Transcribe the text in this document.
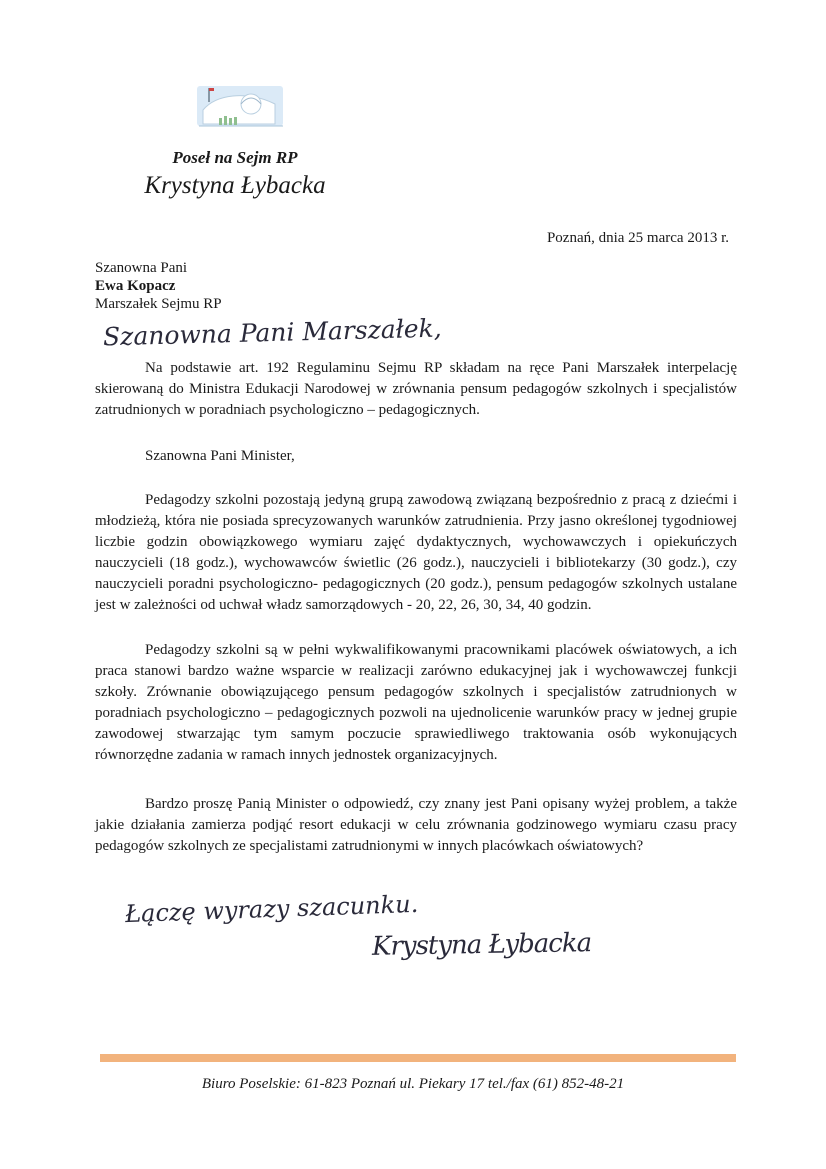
Poseł na Sejm RP
Krystyna Łybacka
Poznań, dnia 25 marca 2013 r.
Szanowna Pani
Ewa Kopacz
Marszałek Sejmu RP
Szanowna Pani Marszałek,
Na podstawie art. 192 Regulaminu Sejmu RP składam na ręce Pani Marszałek interpelację skierowaną do Ministra Edukacji Narodowej w zrównania pensum pedagogów szkolnych i specjalistów zatrudnionych w poradniach psychologiczno – pedagogicznych.
Szanowna Pani Minister,
Pedagodzy szkolni pozostają jedyną grupą zawodową związaną bezpośrednio z pracą z dziećmi i młodzieżą, która nie posiada sprecyzowanych warunków zatrudnienia. Przy jasno określonej tygodniowej liczbie godzin obowiązkowego wymiaru zajęć dydaktycznych, wychowawczych i opiekuńczych nauczycieli (18 godz.), wychowawców świetlic (26 godz.), nauczycieli i bibliotekarzy (30 godz.), czy nauczycieli poradni psychologiczno- pedagogicznych (20 godz.), pensum pedagogów szkolnych ustalane jest w zależności od uchwał władz samorządowych - 20, 22, 26, 30, 34, 40 godzin.
Pedagodzy szkolni są w pełni wykwalifikowanymi pracownikami placówek oświatowych, a ich praca stanowi bardzo ważne wsparcie w realizacji zarówno edukacyjnej jak i wychowawczej funkcji szkoły. Zrównanie obowiązującego pensum pedagogów szkolnych i specjalistów zatrudnionych w poradniach psychologiczno – pedagogicznych pozwoli na ujednolicenie warunków pracy w jednej grupie zawodowej stwarzając tym samym poczucie sprawiedliwego traktowania osób wykonujących równorzędne zadania w ramach innych jednostek organizacyjnych.
Bardzo proszę Panią Minister o odpowiedź, czy znany jest Pani opisany wyżej problem, a także jakie działania zamierza podjąć resort edukacji w celu zrównania godzinowego wymiaru czasu pracy pedagogów szkolnych ze specjalistami zatrudnionymi w innych placówkach oświatowych?
Łączę wyrazy szacunku.
Krystyna Łybacka
Biuro Poselskie: 61-823 Poznań ul. Piekary 17 tel./fax (61) 852-48-21
